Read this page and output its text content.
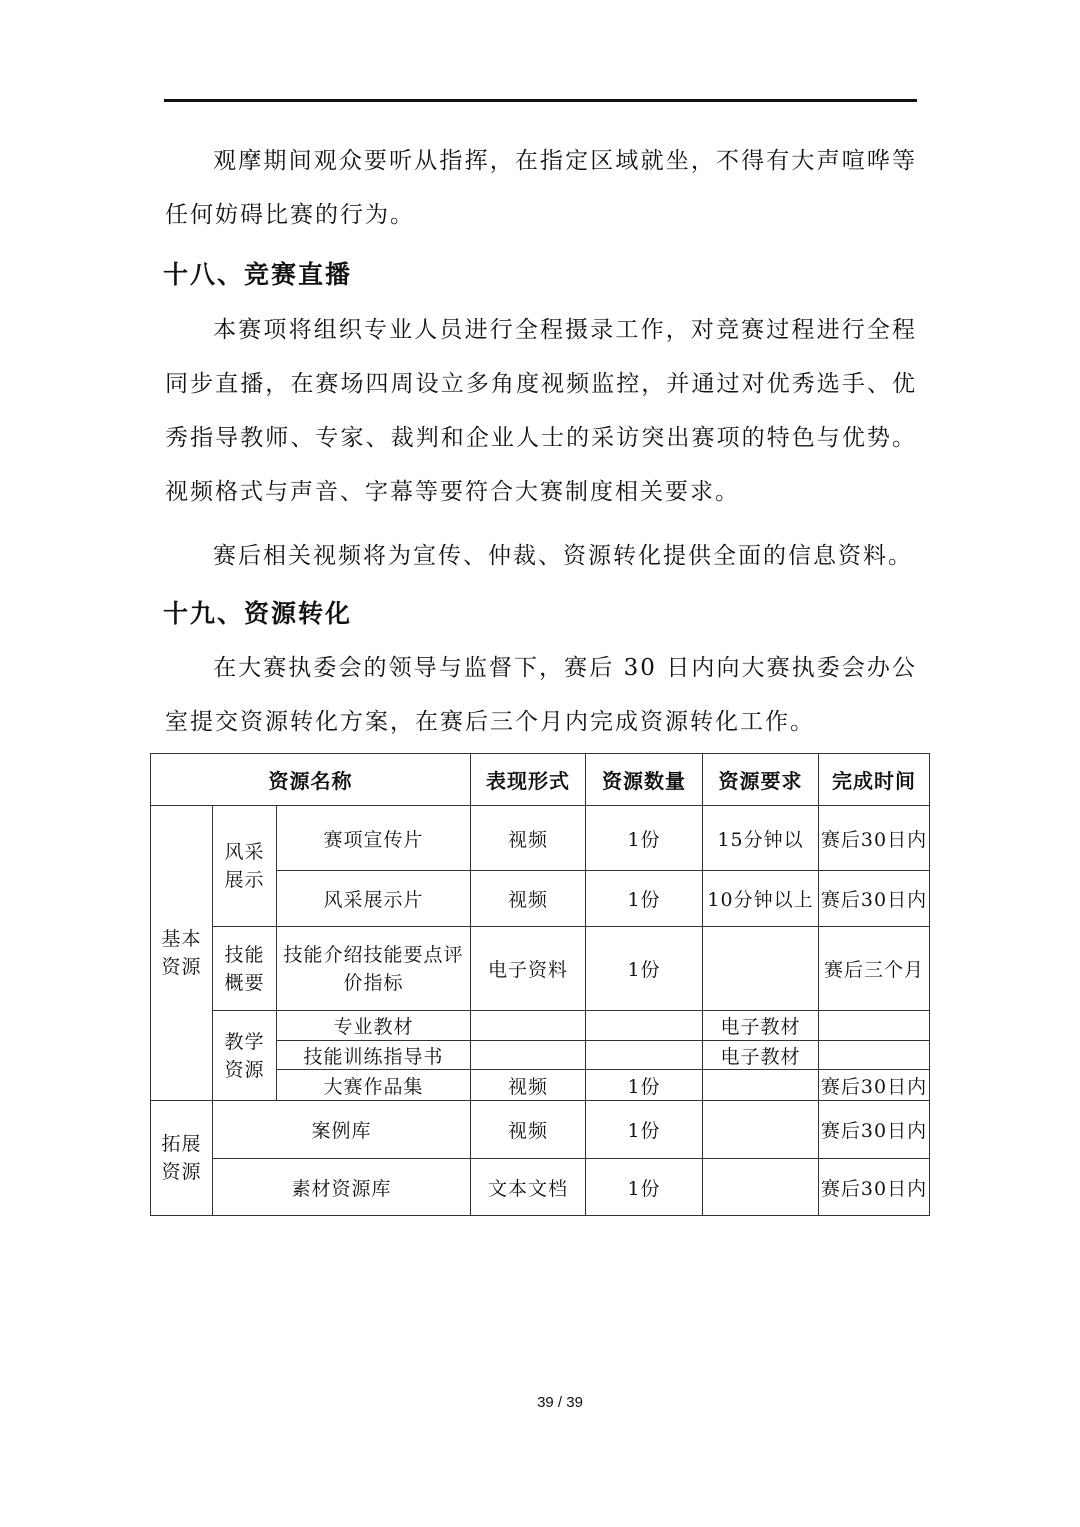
观摩期间观众要听从指挥，在指定区域就坐，不得有大声喧哗等任何妨碍比赛的行为。

十八、竞赛直播

本赛项将组织专业人员进行全程摄录工作，对竞赛过程进行全程同步直播，在赛场四周设立多角度视频监控，并通过对优秀选手、优秀指导教师、专家、裁判和企业人士的采访突出赛项的特色与优势。视频格式与声音、字幕等要符合大赛制度相关要求。

赛后相关视频将为宣传、仲裁、资源转化提供全面的信息资料。

十九、资源转化

在大赛执委会的领导与监督下，赛后 30 日内向大赛执委会办公室提交资源转化方案，在赛后三个月内完成资源转化工作。

资源名称			表现形式	资源数量	资源要求	完成时间

基本资源	风采展示	赛项宣传片	视频	1份	15分钟以	赛后30日内
		风采展示片	视频	1份	10分钟以上	赛后30日内

	技能概要	技能介绍技能要点评价指标	电子资料	1份		赛后三个月

	教学资源	专业教材			电子教材	
		技能训练指导书			电子教材	
		大赛作品集	视频	1份		赛后30日内

拓展资源	案例库		视频	1份		赛后30日内
	素材资源库		文本文档	1份		赛后30日内
39 / 39
